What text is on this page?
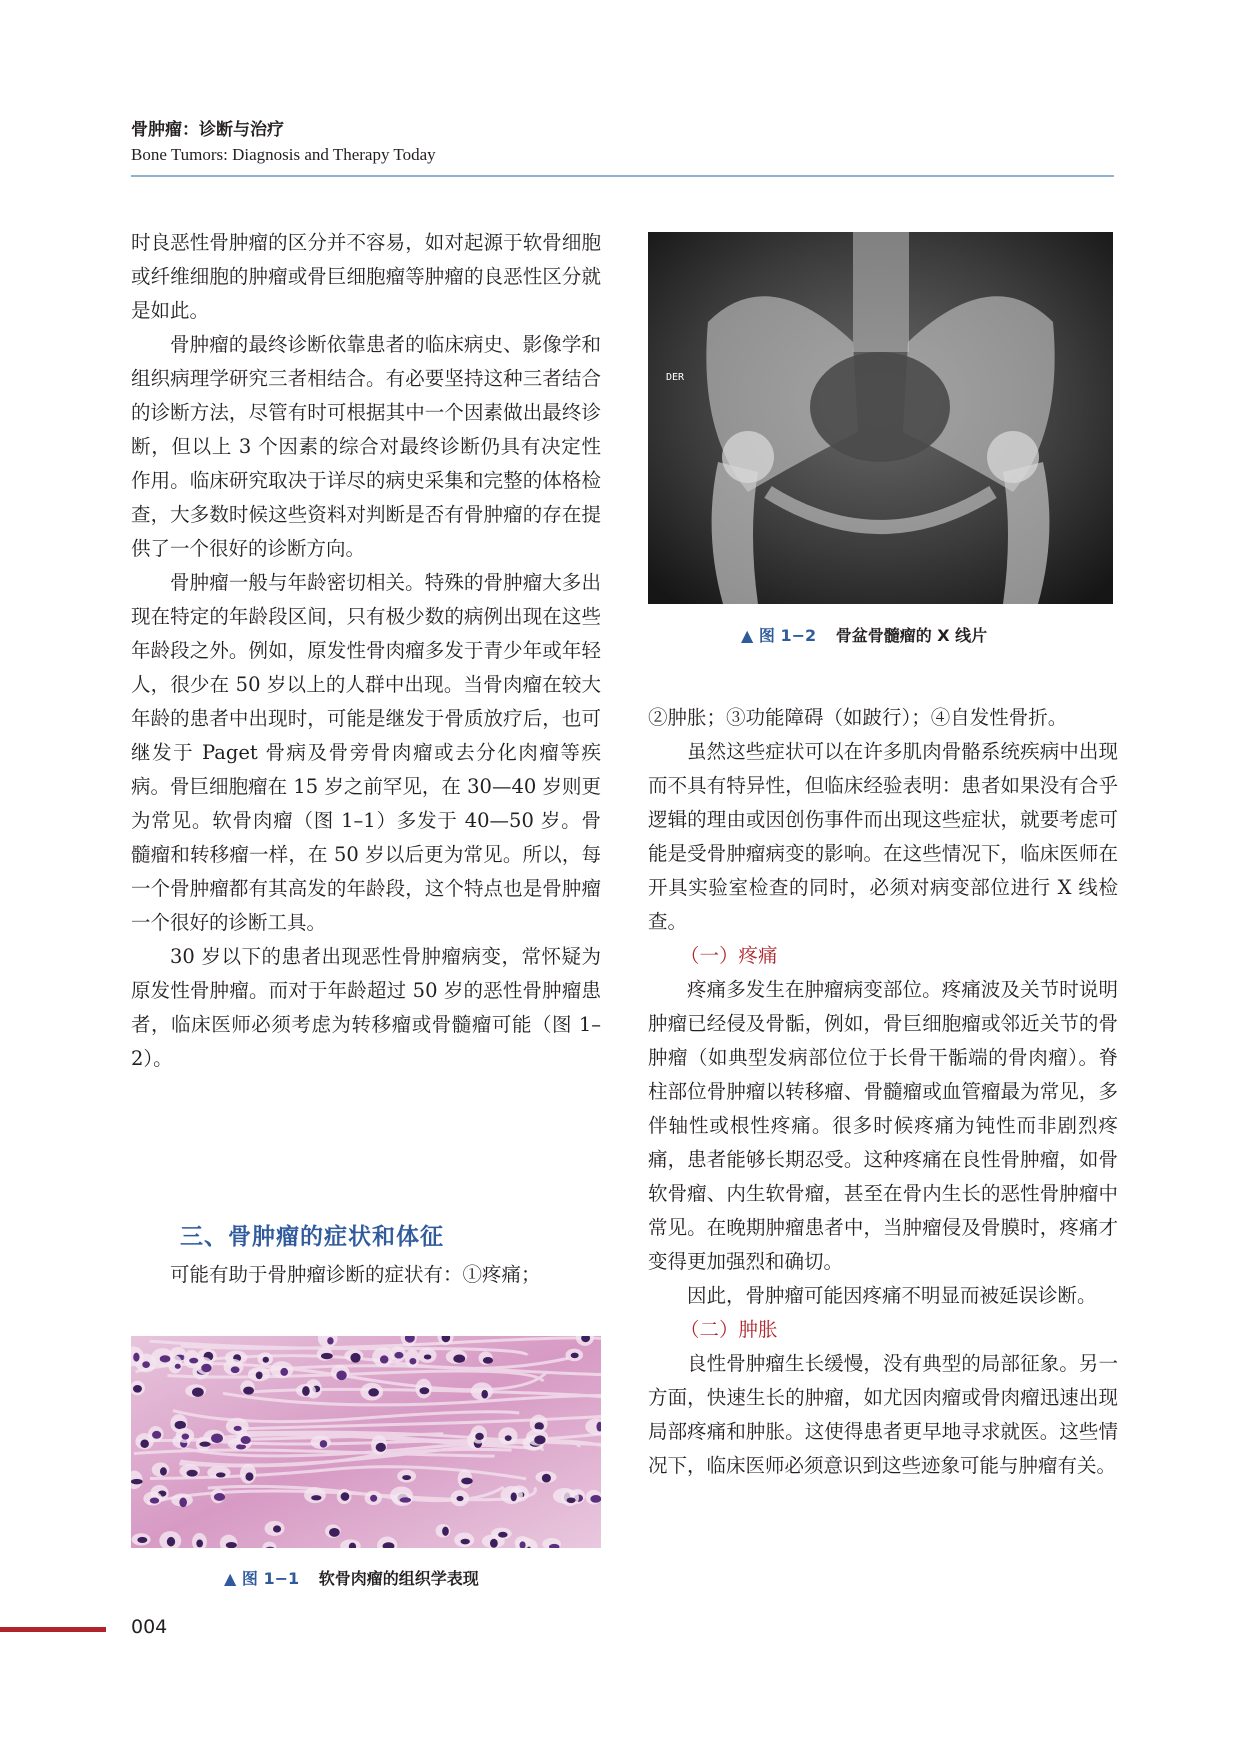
骨肿瘤：诊断与治疗
Bone Tumors: Diagnosis and Therapy Today

时良恶性骨肿瘤的区分并不容易，如对起源于软骨细胞或纤维细胞的肿瘤或骨巨细胞瘤等肿瘤的良恶性区分就是如此。

骨肿瘤的最终诊断依靠患者的临床病史、影像学和组织病理学研究三者相结合。有必要坚持这种三者结合的诊断方法，尽管有时可根据其中一个因素做出最终诊断，但以上 3 个因素的综合对最终诊断仍具有决定性作用。临床研究取决于详尽的病史采集和完整的体格检查，大多数时候这些资料对判断是否有骨肿瘤的存在提供了一个很好的诊断方向。

骨肿瘤一般与年龄密切相关。特殊的骨肿瘤大多出现在特定的年龄段区间，只有极少数的病例出现在这些年龄段之外。例如，原发性骨肉瘤多发于青少年或年轻人，很少在 50 岁以上的人群中出现。当骨肉瘤在较大年龄的患者中出现时，可能是继发于骨质放疗后，也可继发于 Paget 骨病及骨旁骨肉瘤或去分化肉瘤等疾病。骨巨细胞瘤在 15 岁之前罕见，在 30—40 岁则更为常见。软骨肉瘤（图 1–1）多发于 40—50 岁。骨髓瘤和转移瘤一样，在 50 岁以后更为常见。所以，每一个骨肿瘤都有其高发的年龄段，这个特点也是骨肿瘤一个很好的诊断工具。

30 岁以下的患者出现恶性骨肿瘤病变，常怀疑为原发性骨肿瘤。而对于年龄超过 50 岁的恶性骨肿瘤患者，临床医师必须考虑为转移瘤或骨髓瘤可能（图 1–2）。

三、骨肿瘤的症状和体征

可能有助于骨肿瘤诊断的症状有：①疼痛；

▲ 图 1−1 软骨肉瘤的组织学表现
DER
▲ 图 1−2 骨盆骨髓瘤的 X 线片

②肿胀；③功能障碍（如跛行）；④自发性骨折。

虽然这些症状可以在许多肌肉骨骼系统疾病中出现而不具有特异性，但临床经验表明：患者如果没有合乎逻辑的理由或因创伤事件而出现这些症状，就要考虑可能是受骨肿瘤病变的影响。在这些情况下，临床医师在开具实验室检查的同时，必须对病变部位进行 X 线检查。

（一）疼痛

疼痛多发生在肿瘤病变部位。疼痛波及关节时说明肿瘤已经侵及骨骺，例如，骨巨细胞瘤或邻近关节的骨肿瘤（如典型发病部位位于长骨干骺端的骨肉瘤）。脊柱部位骨肿瘤以转移瘤、骨髓瘤或血管瘤最为常见，多伴轴性或根性疼痛。很多时候疼痛为钝性而非剧烈疼痛，患者能够长期忍受。这种疼痛在良性骨肿瘤，如骨软骨瘤、内生软骨瘤，甚至在骨内生长的恶性骨肿瘤中常见。在晚期肿瘤患者中，当肿瘤侵及骨膜时，疼痛才变得更加强烈和确切。

因此，骨肿瘤可能因疼痛不明显而被延误诊断。

（二）肿胀

良性骨肿瘤生长缓慢，没有典型的局部征象。另一方面，快速生长的肿瘤，如尤因肉瘤或骨肉瘤迅速出现局部疼痛和肿胀。这使得患者更早地寻求就医。这些情况下，临床医师必须意识到这些迹象可能与肿瘤有关。

004
